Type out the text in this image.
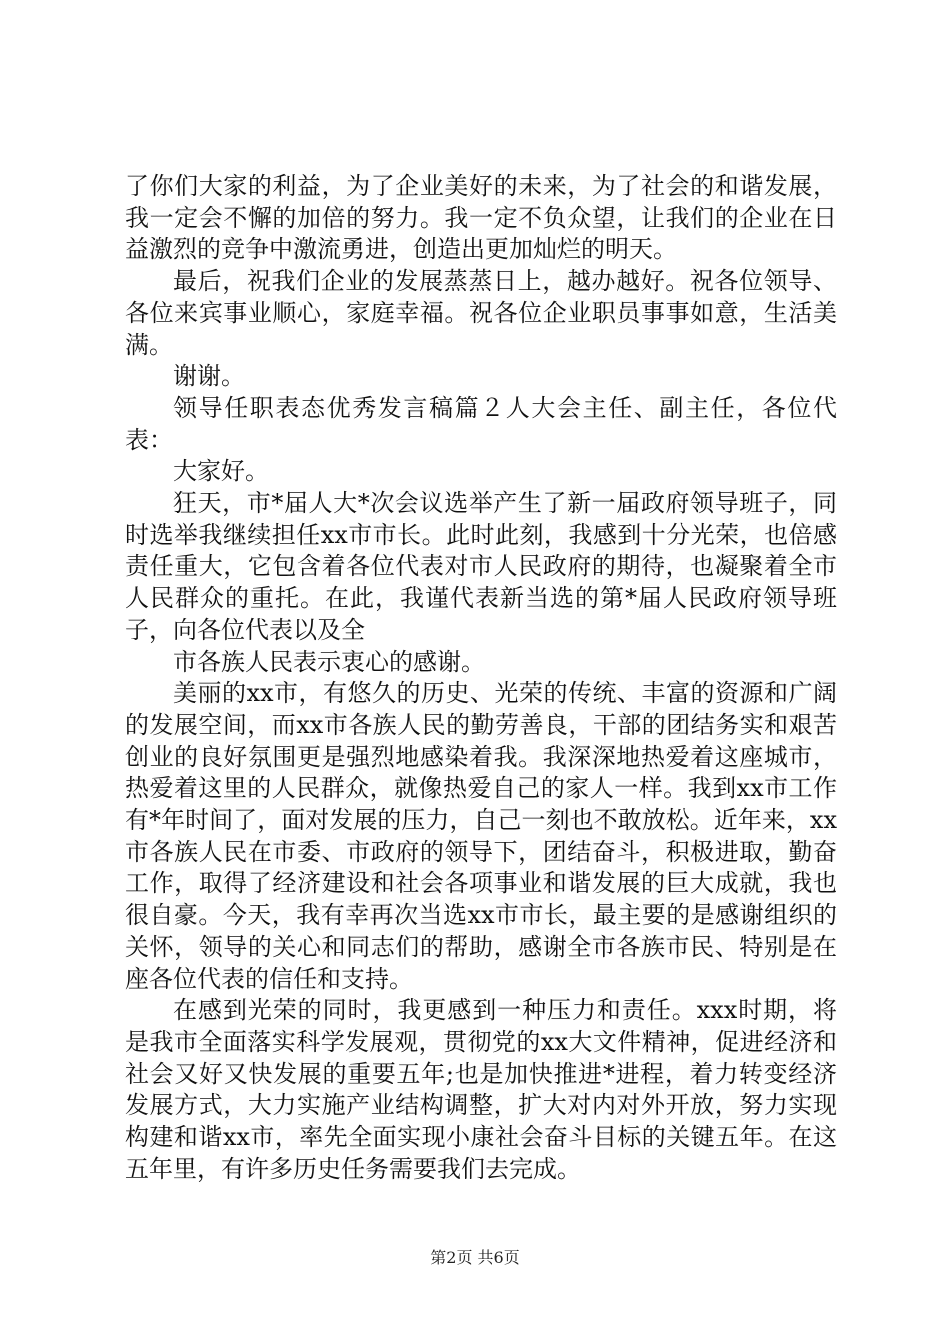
了你们大家的利益，为了企业美好的未来，为了社会的和谐发展，我一定会不懈的加倍的努力。我一定不负众望，让我们的企业在日益激烈的竞争中激流勇进，创造出更加灿烂的明天。

最后，祝我们企业的发展蒸蒸日上，越办越好。祝各位领导、各位来宾事业顺心，家庭幸福。祝各位企业职员事事如意，生活美满。

谢谢。

领导任职表态优秀发言稿篇２人大会主任、副主任，各位代表：

大家好。

狂天，市*届人大*次会议选举产生了新一届政府领导班子，同时选举我继续担任xx市市长。此时此刻，我感到十分光荣，也倍感责任重大，它包含着各位代表对市人民政府的期待，也凝聚着全市人民群众的重托。在此，我谨代表新当选的第*届人民政府领导班子，向各位代表以及全

市各族人民表示衷心的感谢。

美丽的xx市，有悠久的历史、光荣的传统、丰富的资源和广阔的发展空间，而xx市各族人民的勤劳善良，干部的团结务实和艰苦创业的良好氛围更是强烈地感染着我。我深深地热爱着这座城市，热爱着这里的人民群众，就像热爱自己的家人一样。我到xx市工作有*年时间了，面对发展的压力，自己一刻也不敢放松。近年来，xx市各族人民在市委、市政府的领导下，团结奋斗，积极进取，勤奋工作，取得了经济建设和社会各项事业和谐发展的巨大成就，我也很自豪。今天，我有幸再次当选xx市市长，最主要的是感谢组织的关怀，领导的关心和同志们的帮助，感谢全市各族市民、特别是在座各位代表的信任和支持。

在感到光荣的同时，我更感到一种压力和责任。xxx时期，将是我市全面落实科学发展观，贯彻党的xx大文件精神，促进经济和社会又好又快发展的重要五年;也是加快推进*进程，着力转变经济发展方式，大力实施产业结构调整，扩大对内对外开放，努力实现构建和谐xx市，率先全面实现小康社会奋斗目标的关键五年。在这五年里，有许多历史任务需要我们去完成。

第2页 共6页
